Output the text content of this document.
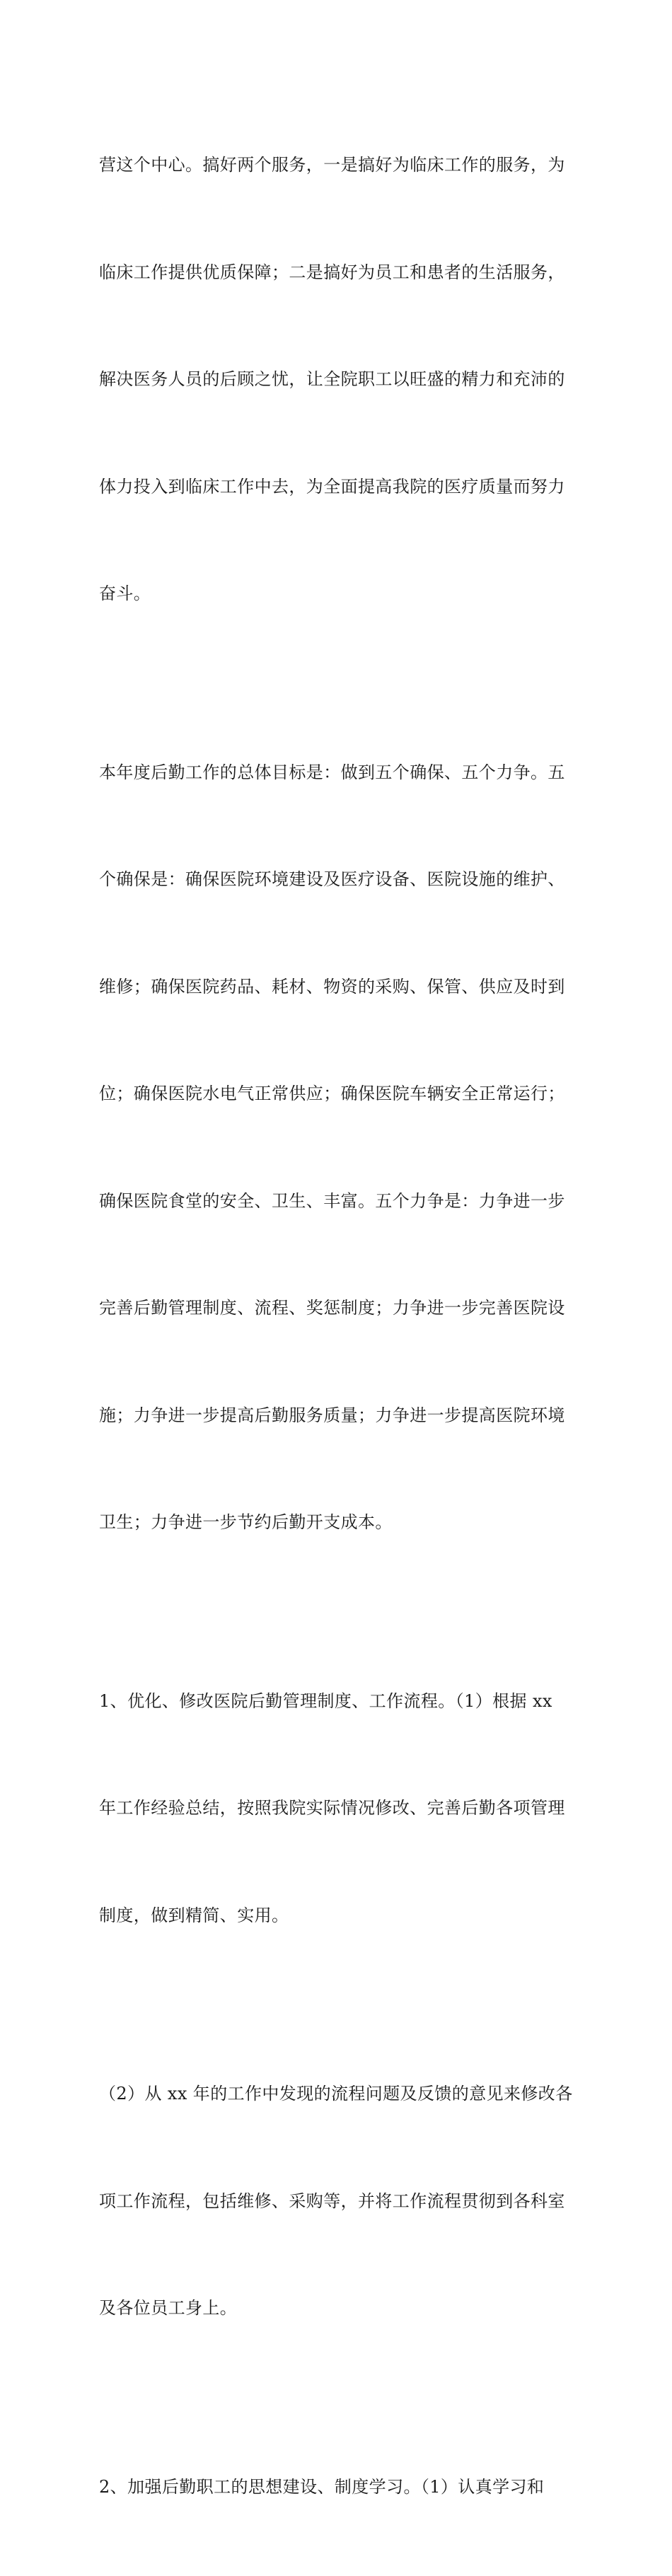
营这个中心。搞好两个服务，一是搞好为临床工作的服务，为

临床工作提供优质保障；二是搞好为员工和患者的生活服务，

解决医务人员的后顾之忧，让全院职工以旺盛的精力和充沛的

体力投入到临床工作中去，为全面提高我院的医疗质量而努力

奋斗。

本年度后勤工作的总体目标是：做到五个确保、五个力争。五

个确保是：确保医院环境建设及医疗设备、医院设施的维护、

维修；确保医院药品、耗材、物资的采购、保管、供应及时到

位；确保医院水电气正常供应；确保医院车辆安全正常运行；

确保医院食堂的安全、卫生、丰富。五个力争是：力争进一步

完善后勤管理制度、流程、奖惩制度；力争进一步完善医院设

施；力争进一步提高后勤服务质量；力争进一步提高医院环境

卫生；力争进一步节约后勤开支成本。

1、优化、修改医院后勤管理制度、工作流程。（1）根据 xx

年工作经验总结，按照我院实际情况修改、完善后勤各项管理

制度，做到精简、实用。

（2）从 xx 年的工作中发现的流程问题及反馈的意见来修改各

项工作流程，包括维修、采购等，并将工作流程贯彻到各科室

及各位员工身上。

2、加强后勤职工的思想建设、制度学习。（1）认真学习和
